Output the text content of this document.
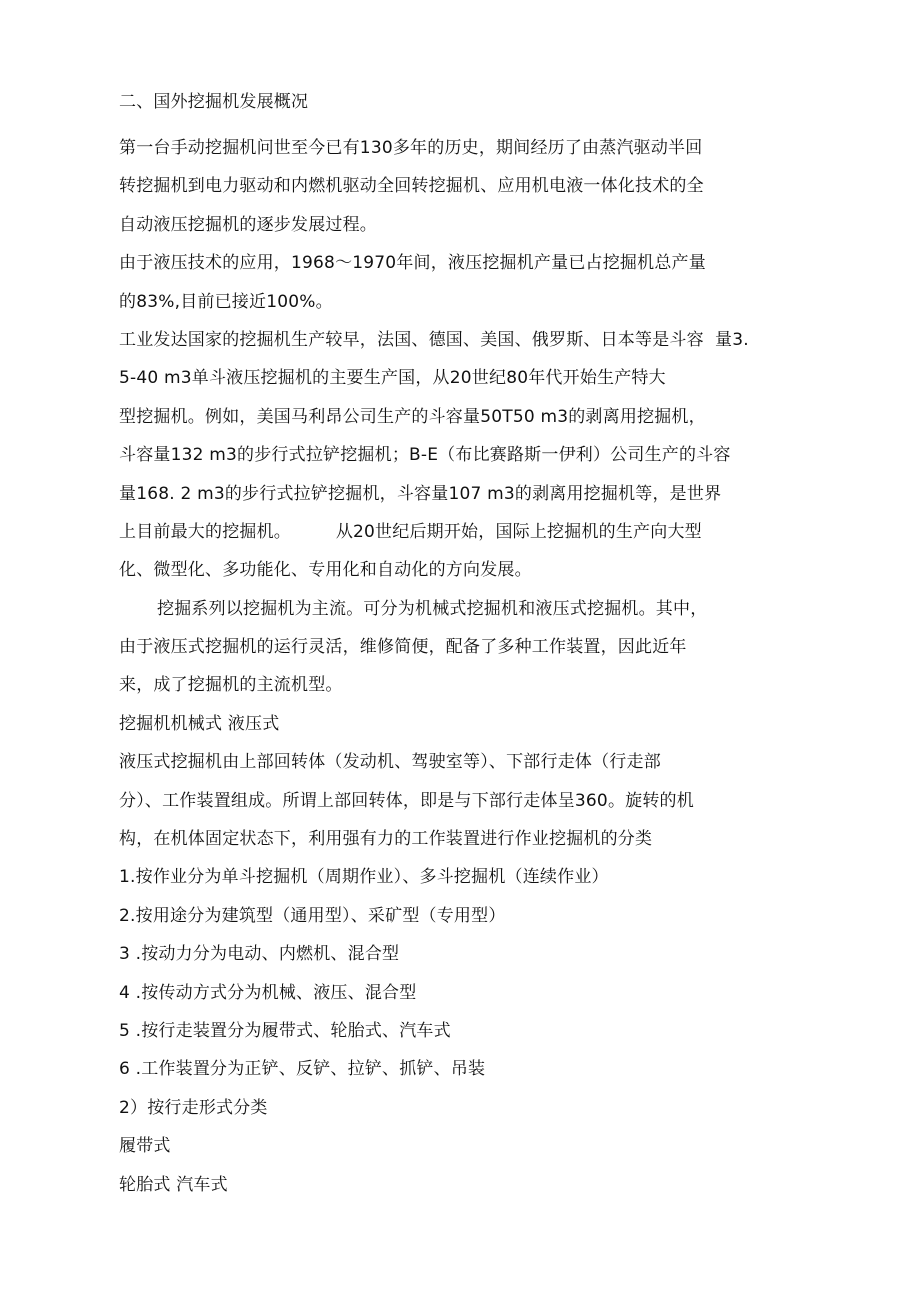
二、国外挖掘机发展概况
第一台手动挖掘机问世至今已有130多年的历史，期间经历了由蒸汽驱动半回
转挖掘机到电力驱动和内燃机驱动全回转挖掘机、应用机电液一体化技术的全
自动液压挖掘机的逐步发展过程。
由于液压技术的应用，1968～1970年间，液压挖掘机产量已占挖掘机总产量
的83%,目前已接近100%。
工业发达国家的挖掘机生产较早，法国、德国、美国、俄罗斯、日本等是斗容  量3.
5-40 m3单斗液压挖掘机的主要生产国，从20世纪80年代开始生产特大
型挖掘机。例如，美国马利昂公司生产的斗容量50T50 m3的剥离用挖掘机，
斗容量132 m3的步行式拉铲挖掘机；B-E（布比赛路斯一伊利）公司生产的斗容
量168. 2 m3的步行式拉铲挖掘机，斗容量107 m3的剥离用挖掘机等，是世界
上目前最大的挖掘机。        从20世纪后期开始，国际上挖掘机的生产向大型
化、微型化、多功能化、专用化和自动化的方向发展。
挖掘系列以挖掘机为主流。可分为机械式挖掘机和液压式挖掘机。其中，
由于液压式挖掘机的运行灵活，维修简便，配备了多种工作装置，因此近年
来，成了挖掘机的主流机型。
挖掘机机械式 液压式
液压式挖掘机由上部回转体（发动机、驾驶室等）、下部行走体（行走部
分）、工作装置组成。所谓上部回转体，即是与下部行走体呈360。旋转的机
构，在机体固定状态下，利用强有力的工作装置进行作业挖掘机的分类
1.按作业分为单斗挖掘机（周期作业）、多斗挖掘机（连续作业）
2.按用途分为建筑型（通用型）、采矿型（专用型）
3 .按动力分为电动、内燃机、混合型
4 .按传动方式分为机械、液压、混合型
5 .按行走装置分为履带式、轮胎式、汽车式
6 .工作装置分为正铲、反铲、拉铲、抓铲、吊装
2）按行走形式分类
履带式
轮胎式 汽车式
